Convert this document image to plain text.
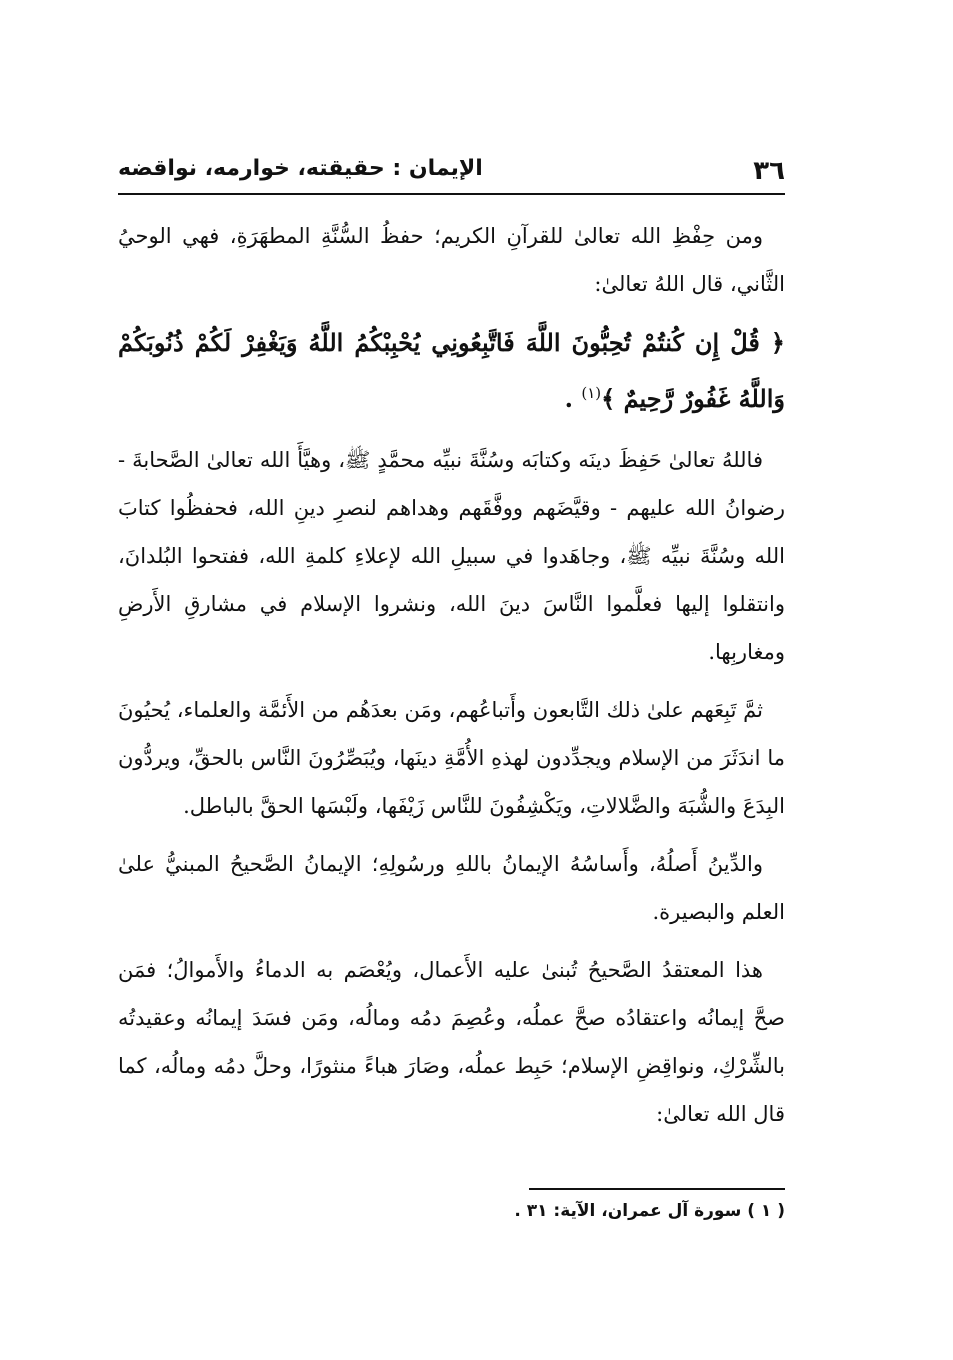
٣٦
الإيمان : حقيقته، خوارمه، نواقضه

ومن حِفْظِ الله تعالىٰ للقرآنِ الكريم؛ حفظُ السُّنَّةِ المطهَرَةِ، فهي الوحيُ الثَّاني، قال اللهُ تعالىٰ:

﴿ قُلْ إِن كُنتُمْ تُحِبُّونَ اللَّهَ فَاتَّبِعُونِي يُحْبِبْكُمُ اللَّهُ وَيَغْفِرْ لَكُمْ ذُنُوبَكُمْ وَاللَّهُ غَفُورٌ رَّحِيمٌ ﴾$^{(١)}$ .

فاللهُ تعالىٰ حَفِظَ دينَه وكتابَه وسُنَّةَ نبيِّه محمَّدٍ ﷺ، وهيَّأَ الله تعالىٰ الصَّحابةَ - رضوانُ الله عليهم - وقيَّضَهم ووفَّقَهم وهداهم لنصرِ دينِ الله، فحفظُوا كتابَ الله وسُنَّةَ نبيِّه ﷺ، وجاهَدوا في سبيلِ الله لإعلاءِ كلمةِ الله، ففتحوا البُلدانَ، وانتقلوا إليها فعلَّموا النَّاسَ دينَ الله، ونشروا الإسلام في مشارقِ الأَرضِ ومغاربِها.

ثمَّ تَبِعَهم علىٰ ذلك التَّابعون وأَتباعُهم، ومَن بعدَهُم من الأَئمَّة والعلماء، يُحيُونَ ما اندَثَرَ من الإسلام ويجدِّدون لهذهِ الأُمَّةِ دينَها، ويُبَصِّرُونَ النَّاس بالحقِّ، ويردُّون البِدَعَ والشُّبَهَ والضَّلالاتِ، ويَكْشِفُونَ للنَّاس زَيْفَها، ولَبْسَها الحقَّ بالباطل.

والدِّينُ أَصلُهُ، وأَساسُهُ الإيمانُ باللهِ ورسُولِهِ؛ الإيمانُ الصَّحيحُ المبنيُّ علىٰ العلم والبصيرة.

هذا المعتقدُ الصَّحيحُ تُبنىٰ عليه الأَعمال، ويُعْصَم به الدماءُ والأَموالُ؛ فمَن صحَّ إيمانُه واعتقادُه صحَّ عملُه، وعُصِمَ دمُه ومالُه، ومَن فسَدَ إيمانُه وعقيدتُه بالشِّرْكِ، ونواقِضِ الإسلام؛ حَبِط عملُه، وصَارَ هباءً منثورًا، وحلَّ دمُه ومالُه، كما قال الله تعالىٰ:

( ١ ) سورة آل عمران، الآية: ٣١ .
